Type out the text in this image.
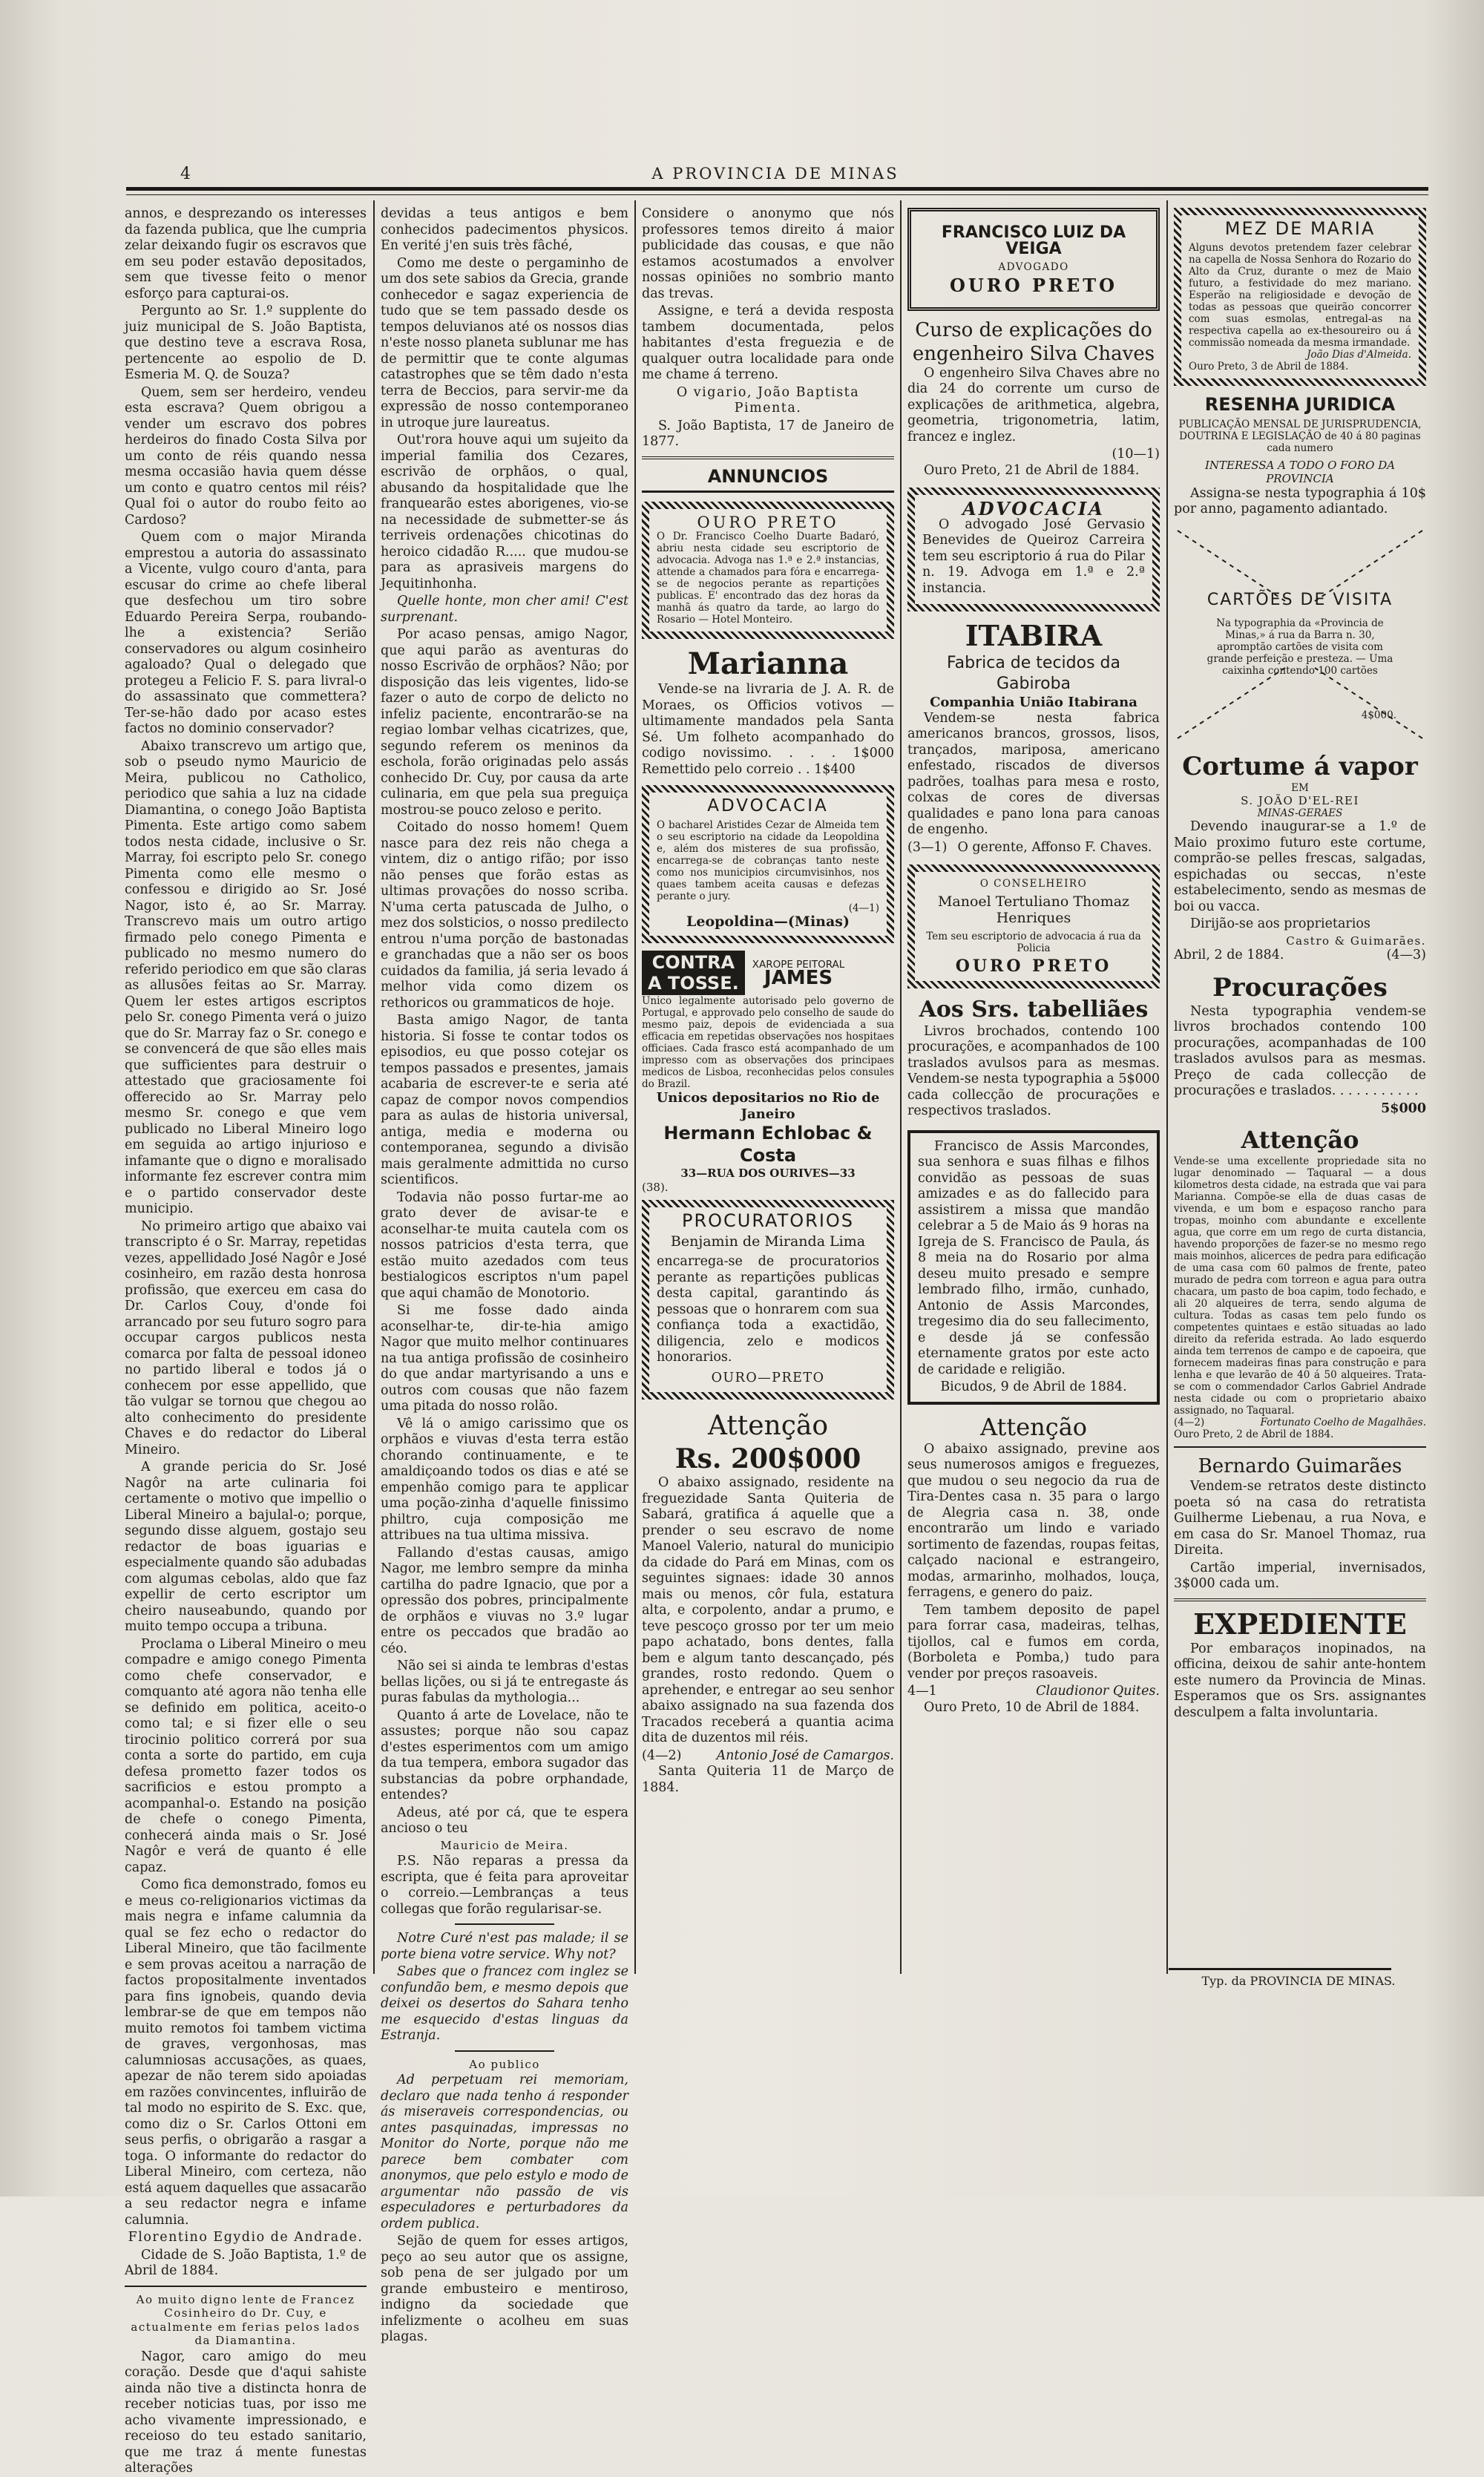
4	A PROVINCIA DE MINAS

annos, e desprezando os interesses da fazenda publica, que lhe cumpria zelar deixando fugir os escravos que em seu poder estavão depositados, sem que tivesse feito o menor esforço para capturai-os.

Pergunto ao Sr. 1.º supplente do juiz municipal de S. João Baptista, que destino teve a escrava Rosa, pertencente ao espolio de D. Esmeria M. Q. de Souza?

Quem, sem ser herdeiro, vendeu esta escrava? Quem obrigou a vender um escravo dos pobres herdeiros do finado Costa Silva por um conto de réis quando nessa mesma occasião havia quem désse um conto e quatro centos mil réis? Qual foi o autor do roubo feito ao Cardoso?

Quem com o major Miranda emprestou a autoria do assassinato a Vicente, vulgo couro d'anta, para escusar do crime ao chefe liberal que desfechou um tiro sobre Eduardo Pereira Serpa, roubando-lhe a existencia? Serião conservadores ou algum cosinheiro agaloado? Qual o delegado que protegeu a Felicio F. S. para livral-o do assassinato que commettera? Ter-se-hão dado por acaso estes factos no dominio conservador?

Abaixo transcrevo um artigo que, sob o pseudo nymo Mauricio de Meira, publicou no Catholico, periodico que sahia a luz na cidade Diamantina, o conego João Baptista Pimenta. Este artigo como sabem todos nesta cidade, inclusive o Sr. Marray, foi escripto pelo Sr. conego Pimenta como elle mesmo o confessou e dirigido ao Sr. José Nagor, isto é, ao Sr. Marray. Transcrevo mais um outro artigo firmado pelo conego Pimenta e publicado no mesmo numero do referido periodico em que são claras as allusões feitas ao Sr. Marray. Quem ler estes artigos escriptos pelo Sr. conego Pimenta verá o juizo que do Sr. Marray faz o Sr. conego e se convencerá de que são elles mais que sufficientes para destruir o attestado que graciosamente foi offerecido ao Sr. Marray pelo mesmo Sr. conego e que vem publicado no Liberal Mineiro logo em seguida ao artigo injurioso e infamante que o digno e moralisado informante fez escrever contra mim e o partido conservador deste municipio.

No primeiro artigo que abaixo vai transcripto é o Sr. Marray, repetidas vezes, appellidado José Nagôr e José cosinheiro, em razão desta honrosa profissão, que exerceu em casa do Dr. Carlos Couy, d'onde foi arrancado por seu futuro sogro para occupar cargos publicos nesta comarca por falta de pessoal idoneo no partido liberal e todos já o conhecem por esse appellido, que tão vulgar se tornou que chegou ao alto conhecimento do presidente Chaves e do redactor do Liberal Mineiro.

A grande pericia do Sr. José Nagôr na arte culinaria foi certamente o motivo que impellio o Liberal Mineiro a bajulal-o; porque, segundo disse alguem, gostajo seu redactor de boas iguarias e especialmente quando são adubadas com algumas cebolas, aldo que faz expellir de certo escriptor um cheiro nauseabundo, quando por muito tempo occupa a tribuna.

Proclama o Liberal Mineiro o meu compadre e amigo conego Pimenta como chefe conservador, e comquanto até agora não tenha elle se definido em politica, aceito-o como tal; e si fizer elle o seu tirocinio politico correrá por sua conta a sorte do partido, em cuja defesa prometto fazer todos os sacrificios e estou prompto a acompanhal-o. Estando na posição de chefe o conego Pimenta, conhecerá ainda mais o Sr. José Nagôr e verá de quanto é elle capaz.

Como fica demonstrado, fomos eu e meus co-religionarios victimas da mais negra e infame calumnia da qual se fez echo o redactor do Liberal Mineiro, que tão facilmente e sem provas aceitou a narração de factos propositalmente inventados para fins ignobeis, quando devia lembrar-se de que em tempos não muito remotos foi tambem victima de graves, vergonhosas, mas calumniosas accusações, as quaes, apezar de não terem sido apoiadas em razões convincentes, influirão de tal modo no espirito de S. Exc. que, como diz o Sr. Carlos Ottoni em seus perfis, o obrigarão a rasgar a toga. O informante do redactor do Liberal Mineiro, com certeza, não está aquem daquelles que assacarão a seu redactor negra e infame calumnia.

Florentino Egydio de Andrade.

Cidade de S. João Baptista, 1.º de Abril de 1884.

Ao muito digno lente de Francez Cosinheiro do Dr. Cuy, e actualmente em ferias pelos lados da Diamantina.

Nagor, caro amigo do meu coração. Desde que d'aqui sahiste ainda não tive a distincta honra de receber noticias tuas, por isso me acho vivamente impressionado, e receioso do teu estado sanitario, que me traz á mente funestas alterações

devidas a teus antigos e bem conhecidos padecimentos physicos. En verité j'en suis très fâché,

Como me deste o pergaminho de um dos sete sabios da Grecia, grande conhecedor e sagaz experiencia de tudo que se tem passado desde os tempos deluvianos até os nossos dias n'este nosso planeta sublunar me has de permittir que te conte algumas catastrophes que se têm dado n'esta terra de Beccios, para servir-me da expressão de nosso contemporaneo in utroque jure laureatus.

Out'rora houve aqui um sujeito da imperial familia dos Cezares, escrivão de orphãos, o qual, abusando da hospitalidade que lhe franquearão estes aborigenes, vio-se na necessidade de submetter-se ás terriveis ordenações chicotinas do heroico cidadão R..... que mudou-se para as aprasiveis margens do Jequitinhonha.

Quelle honte, mon cher ami! C'est surprenant.

Por acaso pensas, amigo Nagor, que aqui parão as aventuras do nosso Escrivão de orphãos? Não; por disposição das leis vigentes, lido-se fazer o auto de corpo de delicto no infeliz paciente, encontrarão-se na regiao lombar velhas cicatrizes, que, segundo referem os meninos da eschola, forão originadas pelo assás conhecido Dr. Cuy, por causa da arte culinaria, em que pela sua preguiça mostrou-se pouco zeloso e perito.

Coitado do nosso homem! Quem nasce para dez reis não chega a vintem, diz o antigo rifão; por isso não penses que forão estas as ultimas provações do nosso scriba. N'uma certa patuscada de Julho, o mez dos solsticios, o nosso predilecto entrou n'uma porção de bastonadas e granchadas que a não ser os boos cuidados da familia, já seria levado á melhor vida como dizem os rethoricos ou grammaticos de hoje.

Basta amigo Nagor, de tanta historia. Si fosse te contar todos os episodios, eu que posso cotejar os tempos passados e presentes, jamais acabaria de escrever-te e seria até capaz de compor novos compendios para as aulas de historia universal, antiga, media e moderna ou contemporanea, segundo a divisão mais geralmente admittida no curso scientificos.

Todavia não posso furtar-me ao grato dever de avisar-te e aconselhar-te muita cautela com os nossos patricios d'esta terra, que estão muito azedados com teus bestialogicos escriptos n'um papel que aqui chamão de Monotorio.

Si me fosse dado ainda aconselhar-te, dir-te-hia amigo Nagor que muito melhor continuares na tua antiga profissão de cosinheiro do que andar martyrisando a uns e outros com cousas que não fazem uma pitada do nosso rolão.

Vê lá o amigo carissimo que os orphãos e viuvas d'esta terra estão chorando continuamente, e te amaldiçoando todos os dias e até se empenhão comigo para te applicar uma poção-zinha d'aquelle finissimo philtro, cuja composição me attribues na tua ultima missiva.

Fallando d'estas causas, amigo Nagor, me lembro sempre da minha cartilha do padre Ignacio, que por a opressão dos pobres, principalmente de orphãos e viuvas no 3.º lugar entre os peccados que bradão ao céo.

Não sei si ainda te lembras d'estas bellas lições, ou si já te entregaste ás puras fabulas da mythologia...

Quanto á arte de Lovelace, não te assustes; porque não sou capaz d'estes esperimentos com um amigo da tua tempera, embora sugador das substancias da pobre orphandade, entendes?

Adeus, até por cá, que te espera ancioso o teu

Mauricio de Meira.

P.S. Não reparas a pressa da escripta, que é feita para aproveitar o correio.—Lembranças a teus collegas que forão regularisar-se.

Notre Curé n'est pas malade; il se porte biena votre service. Why not?

Sabes que o francez com inglez se confundão bem, e mesmo depois que deixei os desertos do Sahara tenho me esquecido d'estas linguas da Estranja.

Ao publico

Ad perpetuam rei memoriam, declaro que nada tenho á responder ás miseraveis correspondencias, ou antes pasquinadas, impressas no Monitor do Norte, porque não me parece bem combater com anonymos, que pelo estylo e modo de argumentar não passão de vis especuladores e perturbadores da ordem publica.

Sejão de quem for esses artigos, peço ao seu autor que os assigne, sob pena de ser julgado por um grande embusteiro e mentiroso, indigno da sociedade que infelizmente o acolheu em suas plagas.

Considere o anonymo que nós professores temos direito á maior publicidade das cousas, e que não estamos acostumados a envolver nossas opiniões no sombrio manto das trevas.

Assigne, e terá a devida resposta tambem documentada, pelos habitantes d'esta freguezia e de qualquer outra localidade para onde me chame á terreno.

O vigario, João Baptista Pimenta.

S. João Baptista, 17 de Janeiro de 1877.

ANNUNCIOS
OURO PRETO
O Dr. Francisco Coelho Duarte Badaró, abriu nesta cidade seu escriptorio de advocacia. Advoga nas 1.ª e 2.ª instancias, attende a chamados para fóra e encarrega-se de negocios perante as repartições publicas. E' encontrado das dez horas da manhã ás quatro da tarde, ao largo do Rosario — Hotel Monteiro.
Marianna

Vende-se na livraria de J. A. R. de Moraes, os Officios votivos — ultimamente mandados pela Santa Sé. Um folheto acompanhado do codigo novissimo. . . . 1$000 Remettido pelo correio . . 1$400

ADVOCACIA
O bacharel Aristides Cezar de Almeida tem o seu escriptorio na cidade da Leopoldina e, além dos misteres de sua profissão, encarrega-se de cobranças tanto neste como nos municipios circumvisinhos, nos quaes tambem aceita causas e defezas perante o jury.
(4—1)
Leopoldina—(Minas)
CONTRA
A TOSSE.
XAROPE PEITORAL
JAMES
Unico legalmente autorisado pelo governo de Portugal, e approvado pelo conselho de saude do mesmo paiz, depois de evidenciada a sua efficacia em repetidas observações nos hospitaes officiaes. Cada frasco está acompanhado de um impresso com as observações dos principaes medicos de Lisboa, reconhecidas pelos consules do Brazil.
Unicos depositarios no Rio de Janeiro
Hermann Echlobac & Costa
33—RUA DOS OURIVES—33
(38).
PROCURATORIOS
Benjamin de Miranda Lima
encarrega-se de procuratorios perante as repartições publicas desta capital, garantindo ás pessoas que o honrarem com sua confiança toda a exactidão, diligencia, zelo e modicos honorarios.
OURO—PRETO
Attenção
Rs. 200$000

O abaixo assignado, residente na freguezidade Santa Quiteria de Sabará, gratifica á aquelle que a prender o seu escravo de nome Manoel Valerio, natural do municipio da cidade do Pará em Minas, com os seguintes signaes: idade 30 annos mais ou menos, côr fula, estatura alta, e corpolento, andar a prumo, e teve pescoço grosso por ter um meio papo achatado, bons dentes, falla bem e algum tanto descançado, pés grandes, rosto redondo. Quem o aprehender, e entregar ao seu senhor abaixo assignado na sua fazenda dos Tracados receberá a quantia acima dita de duzentos mil réis.

(4—2)	Antonio José de Camargos.

Santa Quiteria 11 de Março de 1884.

FRANCISCO LUIZ DA VEIGA
ADVOGADO
OURO PRETO
Curso de explicações do engenheiro Silva Chaves

O engenheiro Silva Chaves abre no dia 24 do corrente um curso de explicações de arithmetica, algebra, geometria, trigonometria, latim, francez e inglez.

(10—1)

Ouro Preto, 21 de Abril de 1884.

ADVOCACIA

O advogado José Gervasio Benevides de Queiroz Carreira tem seu escriptorio á rua do Pilar n. 19. Advoga em 1.ª e 2.ª instancia.

ITABIRA
Fabrica de tecidos da Gabiroba
Companhia União Itabirana

Vendem-se nesta fabrica americanos brancos, grossos, lisos, trançados, mariposa, americano enfestado, riscados de diversos padrões, toalhas para mesa e rosto, colxas de cores de diversas qualidades e pano lona para canoas de engenho.

(3—1) O gerente, Affonso F. Chaves.
O CONSELHEIRO
Manoel Tertuliano Thomaz Henriques
Tem seu escriptorio de advocacia á rua da Policia
OURO PRETO
Aos Srs. tabelliães

Livros brochados, contendo 100 procurações, e acompanhados de 100 traslados avulsos para as mesmas. Vendem-se nesta typographia a 5$000 cada collecção de procurações e respectivos traslados.

Francisco de Assis Marcondes, sua senhora e suas filhas e filhos convidão as pessoas de suas amizades e as do fallecido para assistirem a missa que mandão celebrar a 5 de Maio ás 9 horas na Igreja de S. Francisco de Paula, ás 8 meia na do Rosario por alma deseu muito presado e sempre lembrado filho, irmão, cunhado, Antonio de Assis Marcondes, tregesimo dia do seu fallecimento, e desde já se confessão eternamente gratos por este acto de caridade e religião.

Bicudos, 9 de Abril de 1884.
Attenção

O abaixo assignado, previne aos seus numerosos amigos e freguezes, que mudou o seu negocio da rua de Tira-Dentes casa n. 35 para o largo de Alegria casa n. 38, onde encontrarão um lindo e variado sortimento de fazendas, roupas feitas, calçado nacional e estrangeiro, modas, armarinho, molhados, louça, ferragens, e genero do paiz.

Tem tambem deposito de papel para forrar casa, madeiras, telhas, tijollos, cal e fumos em corda, (Borboleta e Pomba,) tudo para vender por preços rasoaveis.

4—1	Claudionor Quites.

Ouro Preto, 10 de Abril de 1884.

MEZ DE MARIA
Alguns devotos pretendem fazer celebrar na capella de Nossa Senhora do Rozario do Alto da Cruz, durante o mez de Maio futuro, a festividade do mez mariano. Esperão na religiosidade e devoção de todas as pessoas que queirão concorrer com suas esmolas, entregal-as na respectiva capella ao ex-thesoureiro ou á commissão nomeada da mesma irmandade.
João Dias d'Almeida.
Ouro Preto, 3 de Abril de 1884.
RESENHA JURIDICA
PUBLICAÇÃO MENSAL DE JURISPRUDENCIA, DOUTRINA E LEGISLAÇÃO de 40 á 80 paginas cada numero
INTERESSA A TODO O FORO DA PROVINCIA

Assigna-se nesta typographia á 10$ por anno, pagamento adiantado.

CARTÕES DE VISITA
Na typographia da «Provincia de Minas,» á rua da Barra n. 30, apromptão cartões de visita com grande perfeição e presteza. — Uma caixinha contendo 100 cartões
4$000.
Cortume á vapor
EM
S. JOÃO D'EL-REI
MINAS-GERAES

Devendo inaugurar-se a 1.º de Maio proximo futuro este cortume, comprão-se pelles frescas, salgadas, espichadas ou seccas, n'este estabelecimento, sendo as mesmas de boi ou vacca.

Dirijão-se aos proprietarios

Castro & Guimarães.
Abril, 2 de 1884.	(4—3)
Procurações

Nesta typographia vendem-se livros brochados contendo 100 procurações, acompanhadas de 100 traslados avulsos para as mesmas. Preço de cada collecção de procurações e traslados. . . . . . . . . . .

5$000
Attenção
Vende-se uma excellente propriedade sita no lugar denominado — Taquaral — a dous kilometros desta cidade, na estrada que vai para Marianna. Compõe-se ella de duas casas de vivenda, e um bom e espaçoso rancho para tropas, moinho com abundante e excellente agua, que corre em um rego de curta distancia, havendo proporções de fazer-se no mesmo rego mais moinhos, alicerces de pedra para edificação de uma casa com 60 palmos de frente, pateo murado de pedra com torreon e agua para outra chacara, um pasto de boa capim, todo fechado, e ali 20 alqueires de terra, sendo alguma de cultura. Todas as casas tem pelo fundo os competentes quintaes e estão situadas ao lado direito da referida estrada. Ao lado esquerdo ainda tem terrenos de campo e de capoeira, que fornecem madeiras finas para construção e para lenha e que levarão de 40 á 50 alqueires. Trata-se com o commendador Carlos Gabriel Andrade nesta cidade ou com o proprietario abaixo assignado, no Taquaral.
(4—2)	Fortunato Coelho de Magalhães.
Ouro Preto, 2 de Abril de 1884.
Bernardo Guimarães

Vendem-se retratos deste distincto poeta só na casa do retratista Guilherme Liebenau, a rua Nova, e em casa do Sr. Manoel Thomaz, rua Direita.

Cartão imperial, invernisados, 3$000 cada um.

EXPEDIENTE

Por embaraços inopinados, na officina, deixou de sahir ante-hontem este numero da Provincia de Minas. Esperamos que os Srs. assignantes desculpem a falta involuntaria.

Typ. da PROVINCIA DE MINAS.
